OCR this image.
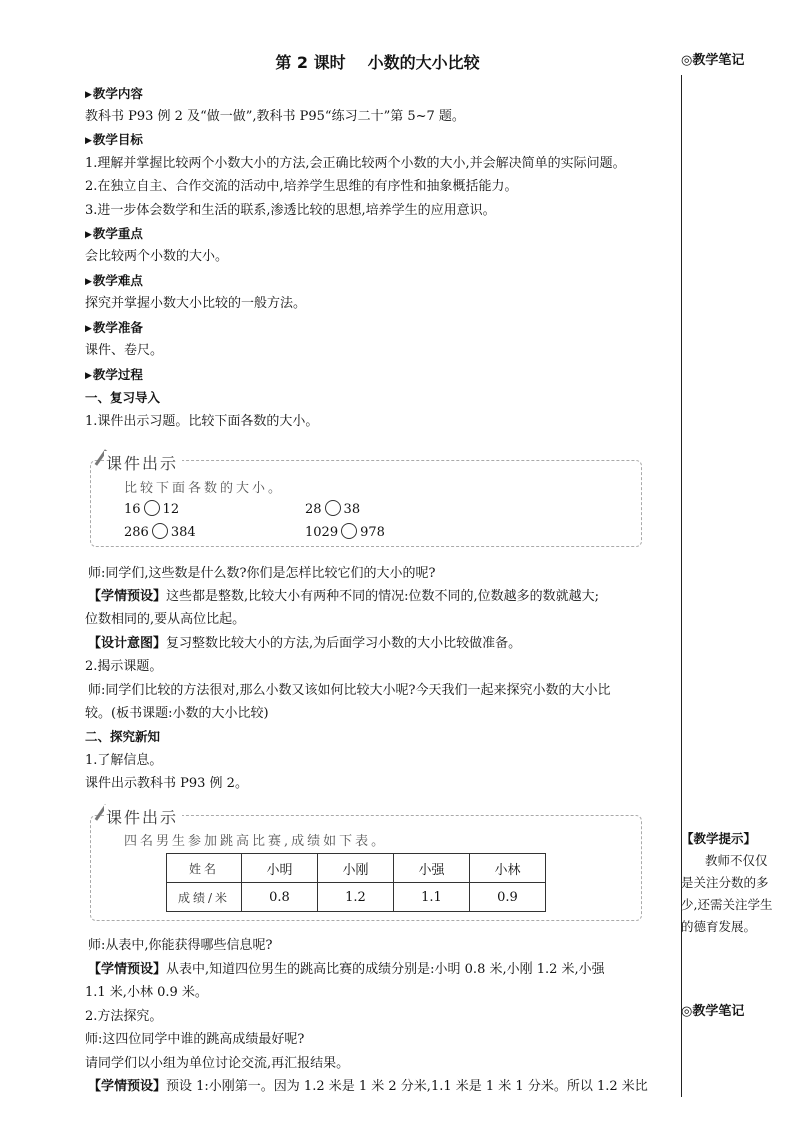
第 2 课时 小数的大小比较	◎教学笔记
【教学提示】
教师不仅仅
是关注分数的多
少,还需关注学生
的德育发展。
◎教学笔记
▶教学内容
教科书 P93 例 2 及“做一做”,教科书 P95“练习二十”第 5~7 题。
▶教学目标
1.理解并掌握比较两个小数大小的方法,会正确比较两个小数的大小,并会解决简单的实际问题。
2.在独立自主、合作交流的活动中,培养学生思维的有序性和抽象概括能力。
3.进一步体会数学和生活的联系,渗透比较的思想,培养学生的应用意识。
▶教学重点
会比较两个小数的大小。
▶教学难点
探究并掌握小数大小比较的一般方法。
▶教学准备
课件、卷尺。
▶教学过程
一、复习导入
1.课件出示习题。比较下面各数的大小。
课件出示
比较下面各数的大小。
16 12	28 38
286 384	1029 978
师:同学们,这些数是什么数?你们是怎样比较它们的大小的呢?
【学情预设】这些都是整数,比较大小有两种不同的情况:位数不同的,位数越多的数就越大;
位数相同的,要从高位比起。
【设计意图】复习整数比较大小的方法,为后面学习小数的大小比较做准备。
2.揭示课题。
师:同学们比较的方法很对,那么小数又该如何比较大小呢?今天我们一起来探究小数的大小比
较。(板书课题:小数的大小比较)
二、探究新知
1.了解信息。
课件出示教科书 P93 例 2。
课件出示
四名男生参加跳高比赛,成绩如下表。
姓名	小明	小刚	小强	小林
成绩/米	0.8	1.2	1.1	0.9
师:从表中,你能获得哪些信息呢?
【学情预设】从表中,知道四位男生的跳高比赛的成绩分别是:小明 0.8 米,小刚 1.2 米,小强
1.1 米,小林 0.9 米。
2.方法探究。
师:这四位同学中谁的跳高成绩最好呢?
请同学们以小组为单位讨论交流,再汇报结果。
【学情预设】预设 1:小刚第一。因为 1.2 米是 1 米 2 分米,1.1 米是 1 米 1 分米。所以 1.2 米比
